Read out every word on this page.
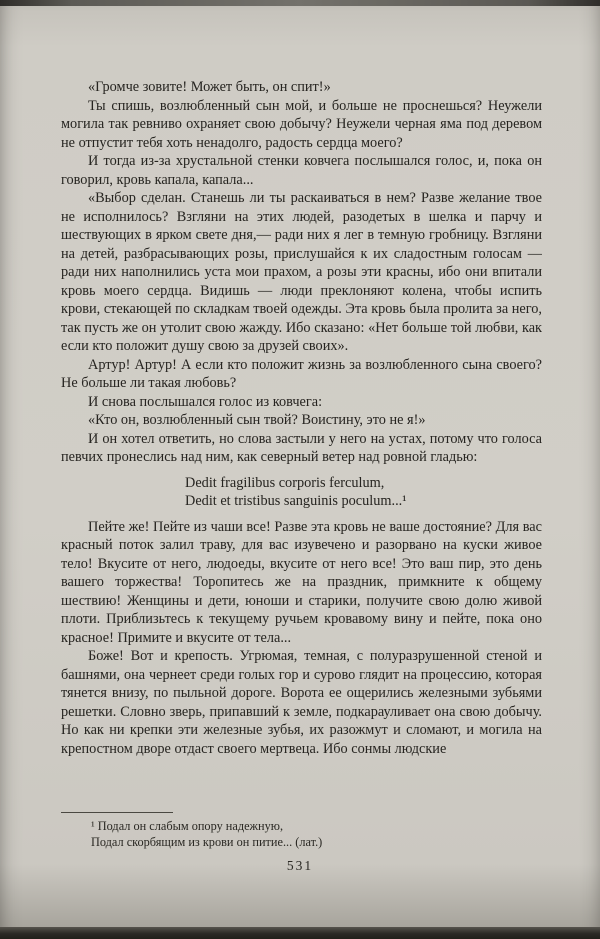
«Громче зовите! Может быть, он спит!»

Ты спишь, возлюбленный сын мой, и больше не проснешься? Неужели могила так ревниво охраняет свою добычу? Неужели черная яма под деревом не отпустит тебя хоть ненадолго, радость сердца моего?

И тогда из-за хрустальной стенки ковчега послышался голос, и, пока он говорил, кровь капала, капала...

«Выбор сделан. Станешь ли ты раскаиваться в нем? Разве желание твое не исполнилось? Взгляни на этих людей, разодетых в шелка и парчу и шествующих в ярком свете дня,— ради них я лег в темную гробницу. Взгляни на детей, разбрасывающих розы, прислушайся к их сладостным голосам — ради них наполнились уста мои прахом, а розы эти красны, ибо они впитали кровь моего сердца. Видишь — люди преклоняют колена, чтобы испить крови, стекающей по складкам твоей одежды. Эта кровь была пролита за него, так пусть же он утолит свою жажду. Ибо сказано: «Нет больше той любви, как если кто положит душу свою за друзей своих».

Артур! Артур! А если кто положит жизнь за возлюбленного сына своего? Не больше ли такая любовь?

И снова послышался голос из ковчега:

«Кто он, возлюбленный сын твой? Воистину, это не я!»

И он хотел ответить, но слова застыли у него на устах, потому что голоса певчих пронеслись над ним, как северный ветер над ровной гладью:

Dedit fragilibus corporis ferculum,
Dedit et tristibus sanguinis poculum...¹

Пейте же! Пейте из чаши все! Разве эта кровь не ваше достояние? Для вас красный поток залил траву, для вас изувечено и разорвано на куски живое тело! Вкусите от него, людоеды, вкусите от него все! Это ваш пир, это день вашего торжества! Торопитесь же на праздник, примкните к общему шествию! Женщины и дети, юноши и старики, получите свою долю живой плоти. Приблизьтесь к текущему ручьем кровавому вину и пейте, пока оно красное! Примите и вкусите от тела...

Боже! Вот и крепость. Угрюмая, темная, с полуразрушенной стеной и башнями, она чернеет среди голых гор и сурово глядит на процессию, которая тянется внизу, по пыльной дороге. Ворота ее ощерились железными зубьями решетки. Словно зверь, припавший к земле, подкарауливает она свою добычу. Но как ни крепки эти железные зубья, их разожмут и сломают, и могила на крепостном дворе отдаст своего мертвеца. Ибо сонмы людские

¹ Подал он слабым опору надежную,
Подал скорбящим из крови он питие... (лат.)
531
